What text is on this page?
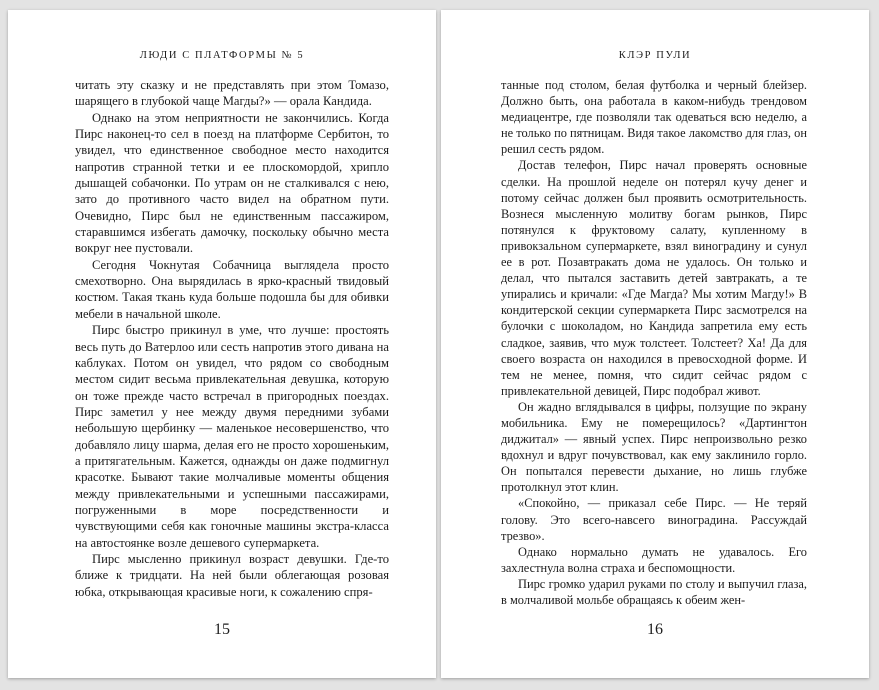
ЛЮДИ С ПЛАТФОРМЫ № 5

читать эту сказку и не представлять при этом Томазо, шарящего в глубокой чаще Магды?» — орала Кандида.

Однако на этом неприятности не закончились. Когда Пирс наконец-то сел в поезд на платформе Сербитон, то увидел, что единственное свободное место находится напротив странной тетки и ее плоскомордой, хрипло дышащей собачонки. По утрам он не сталкивался с нею, зато до противного часто видел на обратном пути. Очевидно, Пирс был не единственным пассажиром, старавшимся избегать дамочку, поскольку обычно места вокруг нее пустовали.

Сегодня Чокнутая Собачница выглядела просто смехотворно. Она вырядилась в ярко-красный твидовый костюм. Такая ткань куда больше подошла бы для обивки мебели в начальной школе.

Пирс быстро прикинул в уме, что лучше: простоять весь путь до Ватерлоо или сесть напротив этого дивана на каблуках. Потом он увидел, что рядом со свободным местом сидит весьма привлекательная девушка, которую он тоже прежде часто встречал в пригородных поездах. Пирс заметил у нее между двумя передними зубами небольшую щербинку — маленькое несовершенство, что добавляло лицу шарма, делая его не просто хорошеньким, а притягательным. Кажется, однажды он даже подмигнул красотке. Бывают такие молчаливые моменты общения между привлекательными и успешными пассажирами, погруженными в море посредственности и чувствующими себя как гоночные машины экстра-класса на автостоянке возле дешевого супермаркета.

Пирс мысленно прикинул возраст девушки. Где-то ближе к тридцати. На ней были облегающая розовая юбка, открывающая красивые ноги, к сожалению спря-

15
КЛЭР ПУЛИ

танные под столом, белая футболка и черный блейзер. Должно быть, она работала в каком-нибудь трендовом медиацентре, где позволяли так одеваться всю неделю, а не только по пятницам. Видя такое лакомство для глаз, он решил сесть рядом.

Достав телефон, Пирс начал проверять основные сделки. На прошлой неделе он потерял кучу денег и потому сейчас должен был проявить осмотрительность. Вознеся мысленную молитву богам рынков, Пирс потянулся к фруктовому салату, купленному в привокзальном супермаркете, взял виноградину и сунул ее в рот. Позавтракать дома не удалось. Он только и делал, что пытался заставить детей завтракать, а те упирались и кричали: «Где Магда? Мы хотим Магду!» В кондитерской секции супермаркета Пирс засмотрелся на булочки с шоколадом, но Кандида запретила ему есть сладкое, заявив, что муж толстеет. Толстеет? Ха! Да для своего возраста он находился в превосходной форме. И тем не менее, помня, что сидит сейчас рядом с привлекательной девицей, Пирс подобрал живот.

Он жадно вглядывался в цифры, ползущие по экрану мобильника. Ему не померещилось? «Дартингтон диджитал» — явный успех. Пирс непроизвольно резко вдохнул и вдруг почувствовал, как ему заклинило горло. Он попытался перевести дыхание, но лишь глубже протолкнул этот клин.

«Спокойно, — приказал себе Пирс. — Не теряй голову. Это всего-навсего виноградина. Рассуждай трезво».

Однако нормально думать не удавалось. Его захлестнула волна страха и беспомощности.

Пирс громко ударил руками по столу и выпучил глаза, в молчаливой мольбе обращаясь к обеим жен-

16
